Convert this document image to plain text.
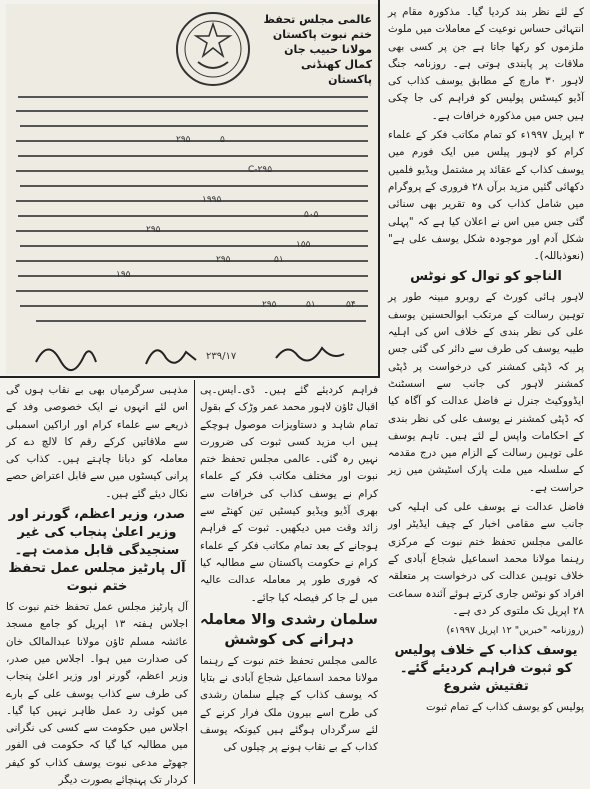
عالمی مجلس تحفظ
ختم نبوت پاکستان
مولانا حبیب جان
کمال کھنڈنی
پاکستان
۲۹۵	۵
۲۹۵-C
۱۹۹۵
۵۰۵
۲۹۵
۱۵۵
۲۹۵	۵۱
۱۹۵
۲۹۵	۵۱	۵۴
۲۳۹/۱۷

کے لئے نظر بند کردیا گیا۔ مذکورہ مقام پر انتہائی حساس نوعیت کے معاملات میں ملوث ملزموں کو رکھا جاتا ہے جن پر کسی بھی ملاقات پر پابندی ہوتی ہے۔ روزنامہ جنگ لاہور ۳۰ مارچ کے مطابق یوسف کذاب کی آڈیو کیسٹس پولیس کو فراہم کی جا چکی ہیں جس میں مذکورہ خرافات ہے۔

۳ اپریل ۱۹۹۷ء کو تمام مکاتب فکر کے علماء کرام کو لاہور پیلس میں ایک فورم میں یوسف کذاب کے عقائد پر مشتمل ویڈیو فلمیں دکھائی گئیں مزید برآں ۲۸ فروری کے پروگرام میں شامل کذاب کی وہ تقریر بھی سنائی گئی جس میں اس نے اعلان کیا ہے کہ "پہلی شکل آدم اور موجودہ شکل یوسف علی ہے" (نعوذباللہ)۔

الناجو کو توال کو نوٹس

لاہور ہائی کورٹ کے روبرو مبینہ طور پر توہین رسالت کے مرتکب ابوالحسنین یوسف علی کی نظر بندی کے خلاف اس کی اہلیہ طیبہ یوسف کی طرف سے دائر کی گئی جس پر کہ ڈپٹی کمشنر کی درخواست پر ڈپٹی کمشنر لاہور کی جانب سے اسسٹنٹ ایڈووکیٹ جنرل نے فاضل عدالت کو آگاہ کیا کہ ڈپٹی کمشنر نے یوسف علی کی نظر بندی کے احکامات واپس لے لئے ہیں۔ تاہم یوسف علی توہین رسالت کے الزام میں درج مقدمہ کے سلسلہ میں ملت پارک اسٹیشن میں زیر حراست ہے۔

فاضل عدالت نے یوسف علی کی اہلیہ کی جانب سے مقامی اخبار کے چیف ایڈیٹر اور عالمی مجلس تحفظ ختم نبوت کے مرکزی رہنما مولانا محمد اسماعیل شجاع آبادی کے خلاف توہین عدالت کی درخواست پر متعلقہ افراد کو نوٹس جاری کرتے ہوئے آئندہ سماعت ۲۸ اپریل تک ملتوی کر دی ہے۔

(روزنامہ "خبریں" ۱۲ اپریل ۱۹۹۷ء)

یوسف کذاب کے خلاف پولیس کو ثبوت فراہم کردیئے گئے۔ تفتیش شروع

پولیس کو یوسف کذاب کے تمام ثبوت

فراہم کردیئے گئے ہیں۔ ڈی۔ایس۔پی اقبال ٹاؤن لاہور محمد عمر وڑک کے بقول تمام شاہد و دستاویزات موصول ہوچکے ہیں اب مزید کسی ثبوت کی ضرورت نہیں رہ گئی۔ عالمی مجلس تحفظ ختم نبوت اور مختلف مکاتب فکر کے علماء کرام نے یوسف کذاب کی خرافات سے بھری آڈیو ویڈیو کیسٹیں تین کھنٹے سے زائد وقت میں دیکھیں۔ ثبوت کے فراہم ہوجانے کے بعد تمام مکاتب فکر کے علماء کرام نے حکومت پاکستان سے مطالبہ کیا کہ فوری طور پر معاملہ عدالت عالیہ میں لے جا کر فیصلہ کیا جائے۔

سلمان رشدی والا معاملہ دہرانے کی کوشش

عالمی مجلس تحفظ ختم نبوت کے رہنما مولانا محمد اسماعیل شجاع آبادی نے بتایا کہ یوسف کذاب کے چیلے سلمان رشدی کی طرح اسے بیرون ملک فرار کرنے کے لئے سرگرداں ہوگئے ہیں کیونکہ یوسف کذاب کے بے نقاب ہونے پر چیلوں کی

مذہبی سرگرمیاں بھی بے نقاب ہوں گی اس لئے انہوں نے ایک خصوصی وفد کے ذریعے سے علماء کرام اور اراکین اسمبلی سے ملاقاتیں کرکے رقم کا لالچ دے کر معاملہ کو دبانا چاہتے ہیں۔ کذاب کی پرانی کیسٹوں میں سے قابل اعتراض حصے نکال دیئے گئے ہیں۔

صدر، وزیر اعظم، گورنر اور وزیر اعلیٰ پنجاب کی غیر سنجیدگی قابل مذمت ہے۔ آل پارٹیز مجلس عمل تحفظ ختم نبوت

آل پارٹیز مجلس عمل تحفظ ختم نبوت کا اجلاس ہفتہ ۱۳ اپریل کو جامع مسجد عائشہ مسلم ٹاؤن مولانا عبدالمالک خان کی صدارت میں ہوا۔ اجلاس میں صدر، وزیر اعظم، گورنر اور وزیر اعلیٰ پنجاب کی طرف سے کذاب یوسف علی کے بارے میں کوئی رد عمل ظاہر نہیں کیا گیا۔ اجلاس میں حکومت سے کسی کی نگرانی میں مطالبہ کیا گیا کہ حکومت فی الفور جھوٹے مدعی نبوت یوسف کذاب کو کیفر کردار تک پہنچائے بصورت دیگر
